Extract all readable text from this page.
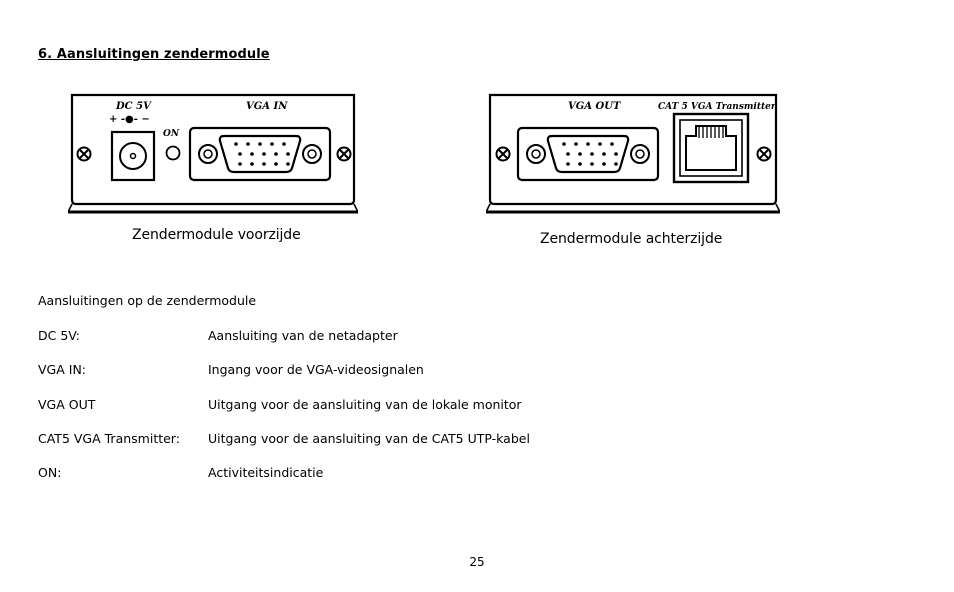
6. Aansluitingen zendermodule
DC 5V
+ -●- −
ON
VGA IN	VGA OUT	CAT 5 VGA Transmitter
Zendermodule voorzijde	Zendermodule achterzijde
Aansluitingen op de zendermodule
DC 5V:	Aansluiting van de netadapter
VGA IN:	Ingang voor de VGA-videosignalen
VGA OUT	Uitgang voor de aansluiting van de lokale monitor
CAT5 VGA Transmitter: Uitgang voor de aansluiting van de CAT5 UTP-kabel
ON:	Activiteitsindicatie
25
